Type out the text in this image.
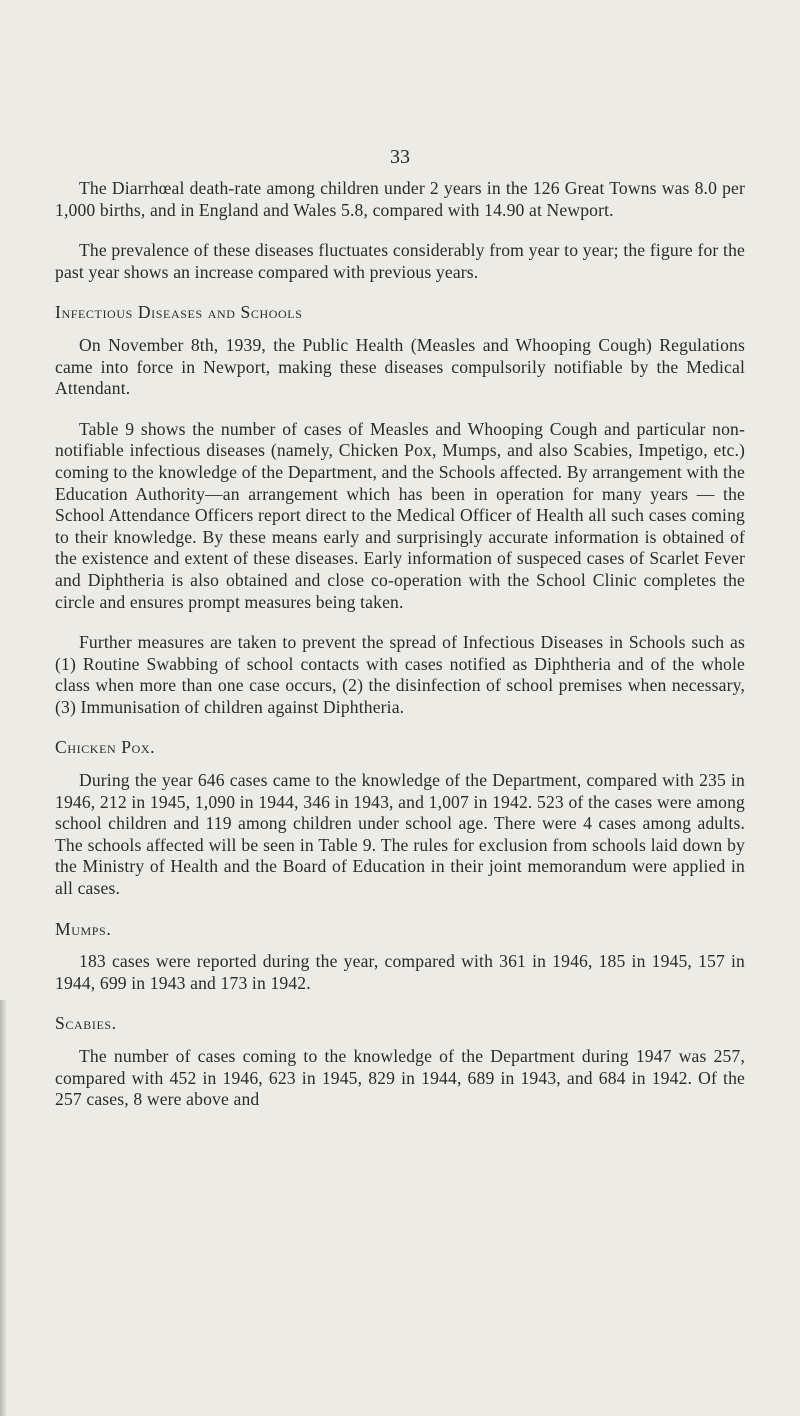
33

The Diarrhœal death-rate among children under 2 years in the 126 Great Towns was 8.0 per 1,000 births, and in England and Wales 5.8, compared with 14.90 at Newport.

The prevalence of these diseases fluctuates considerably from year to year; the figure for the past year shows an increase compared with previous years.

Infectious Diseases and Schools

On November 8th, 1939, the Public Health (Measles and Whooping Cough) Regulations came into force in Newport, making these diseases compulsorily notifiable by the Medical Attendant.

Table 9 shows the number of cases of Measles and Whooping Cough and particular non-notifiable infectious diseases (namely, Chicken Pox, Mumps, and also Scabies, Impetigo, etc.) coming to the knowledge of the Department, and the Schools affected. By arrangement with the Education Authority—an arrangement which has been in operation for many years — the School Attendance Officers report direct to the Medical Officer of Health all such cases coming to their knowledge. By these means early and surprisingly accurate information is obtained of the existence and extent of these diseases. Early information of suspeced cases of Scarlet Fever and Diphtheria is also obtained and close co-operation with the School Clinic completes the circle and ensures prompt measures being taken.

Further measures are taken to prevent the spread of Infectious Diseases in Schools such as (1) Routine Swabbing of school contacts with cases notified as Diphtheria and of the whole class when more than one case occurs, (2) the disinfection of school premises when necessary, (3) Immunisation of children against Diphtheria.

Chicken Pox.

During the year 646 cases came to the knowledge of the Department, compared with 235 in 1946, 212 in 1945, 1,090 in 1944, 346 in 1943, and 1,007 in 1942. 523 of the cases were among school children and 119 among children under school age. There were 4 cases among adults. The schools affected will be seen in Table 9. The rules for exclusion from schools laid down by the Ministry of Health and the Board of Education in their joint memorandum were applied in all cases.

Mumps.

183 cases were reported during the year, compared with 361 in 1946, 185 in 1945, 157 in 1944, 699 in 1943 and 173 in 1942.

Scabies.

The number of cases coming to the knowledge of the Department during 1947 was 257, compared with 452 in 1946, 623 in 1945, 829 in 1944, 689 in 1943, and 684 in 1942. Of the 257 cases, 8 were above and
